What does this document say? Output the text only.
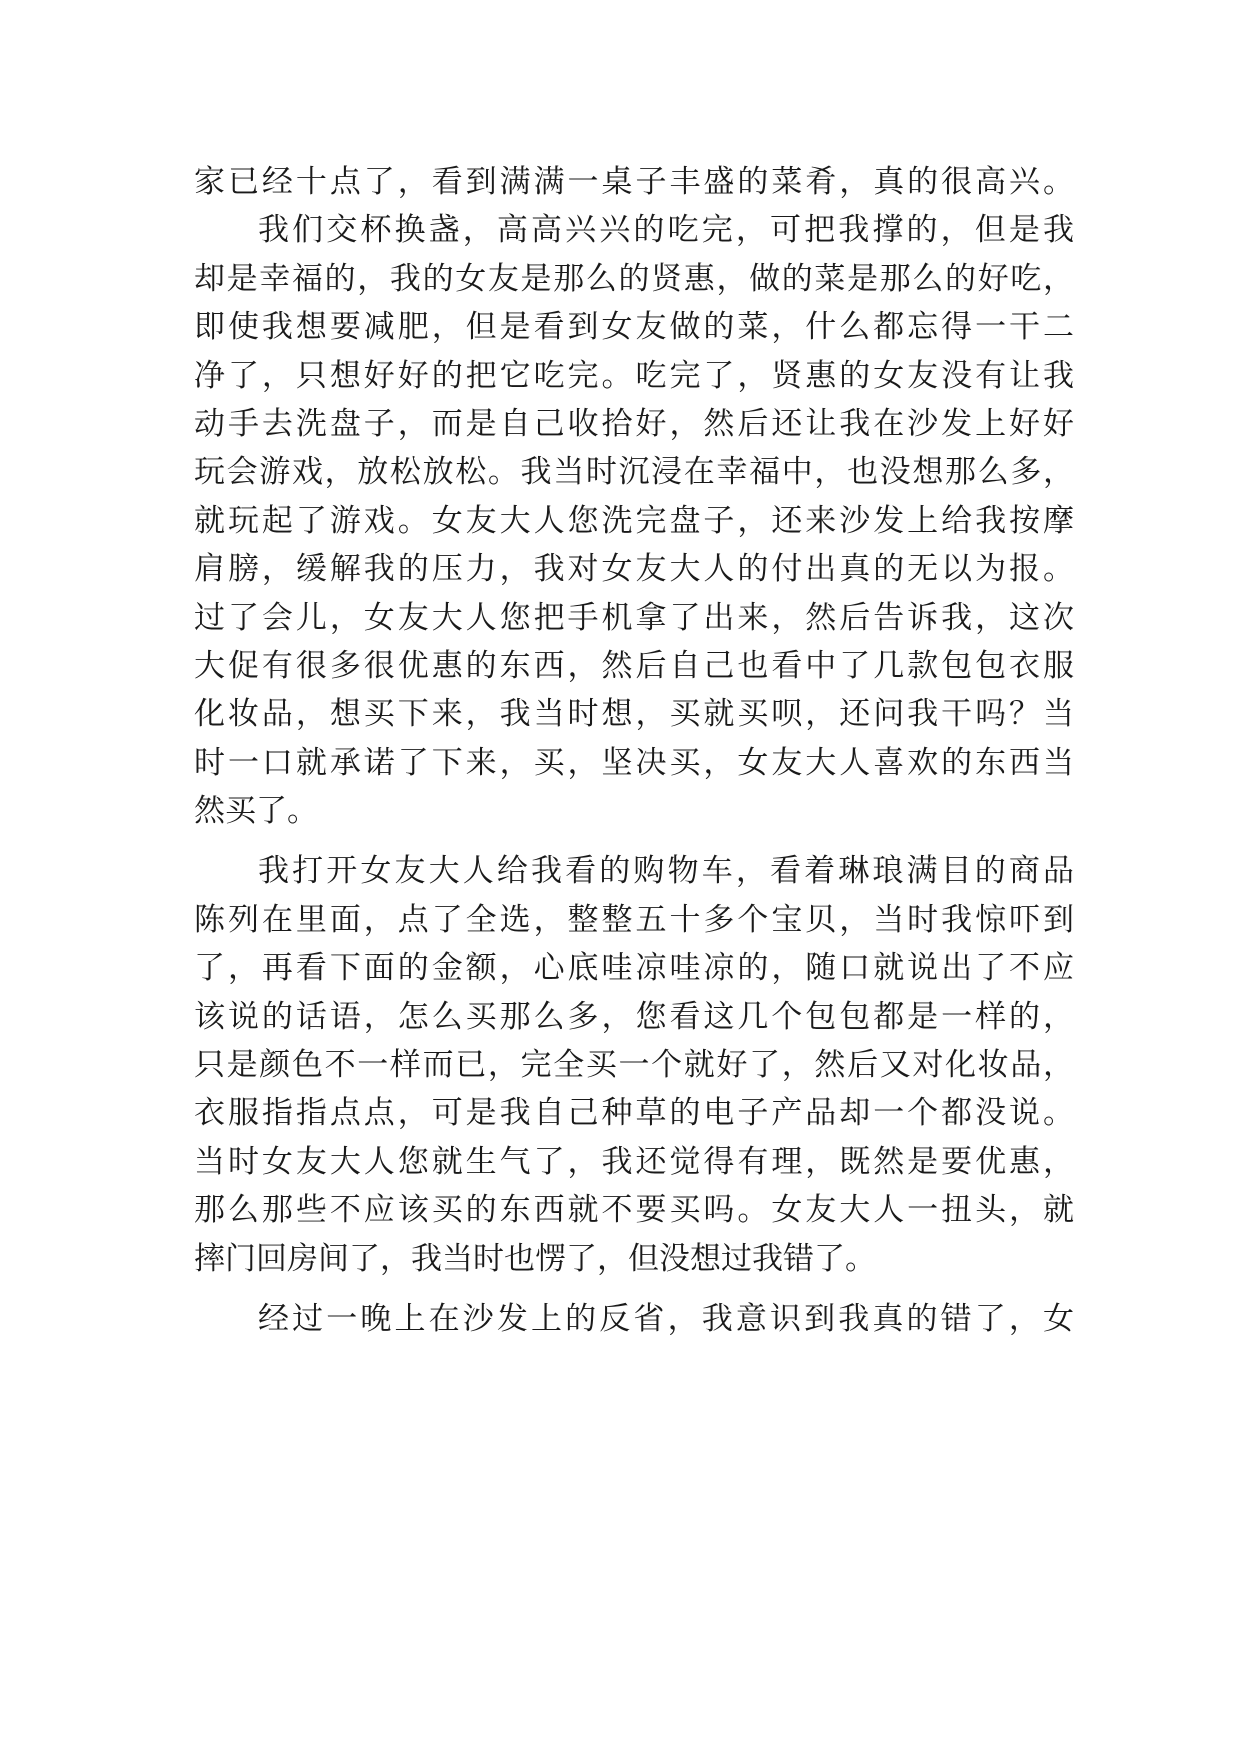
家已经十点了，看到满满一桌子丰盛的菜肴，真的很高兴。
我们交杯换盏，高高兴兴的吃完，可把我撑的，但是我
却是幸福的，我的女友是那么的贤惠，做的菜是那么的好吃，
即使我想要减肥，但是看到女友做的菜，什么都忘得一干二
净了，只想好好的把它吃完。吃完了，贤惠的女友没有让我
动手去洗盘子，而是自己收拾好，然后还让我在沙发上好好
玩会游戏，放松放松。我当时沉浸在幸福中，也没想那么多，
就玩起了游戏。女友大人您洗完盘子，还来沙发上给我按摩
肩膀，缓解我的压力，我对女友大人的付出真的无以为报。
过了会儿，女友大人您把手机拿了出来，然后告诉我，这次
大促有很多很优惠的东西，然后自己也看中了几款包包衣服
化妆品，想买下来，我当时想，买就买呗，还问我干吗？当
时一口就承诺了下来，买，坚决买，女友大人喜欢的东西当
然买了。
我打开女友大人给我看的购物车，看着琳琅满目的商品
陈列在里面，点了全选，整整五十多个宝贝，当时我惊吓到
了，再看下面的金额，心底哇凉哇凉的，随口就说出了不应
该说的话语，怎么买那么多，您看这几个包包都是一样的，
只是颜色不一样而已，完全买一个就好了，然后又对化妆品，
衣服指指点点，可是我自己种草的电子产品却一个都没说。
当时女友大人您就生气了，我还觉得有理，既然是要优惠，
那么那些不应该买的东西就不要买吗。女友大人一扭头，就
摔门回房间了，我当时也愣了，但没想过我错了。
经过一晚上在沙发上的反省，我意识到我真的错了，女
